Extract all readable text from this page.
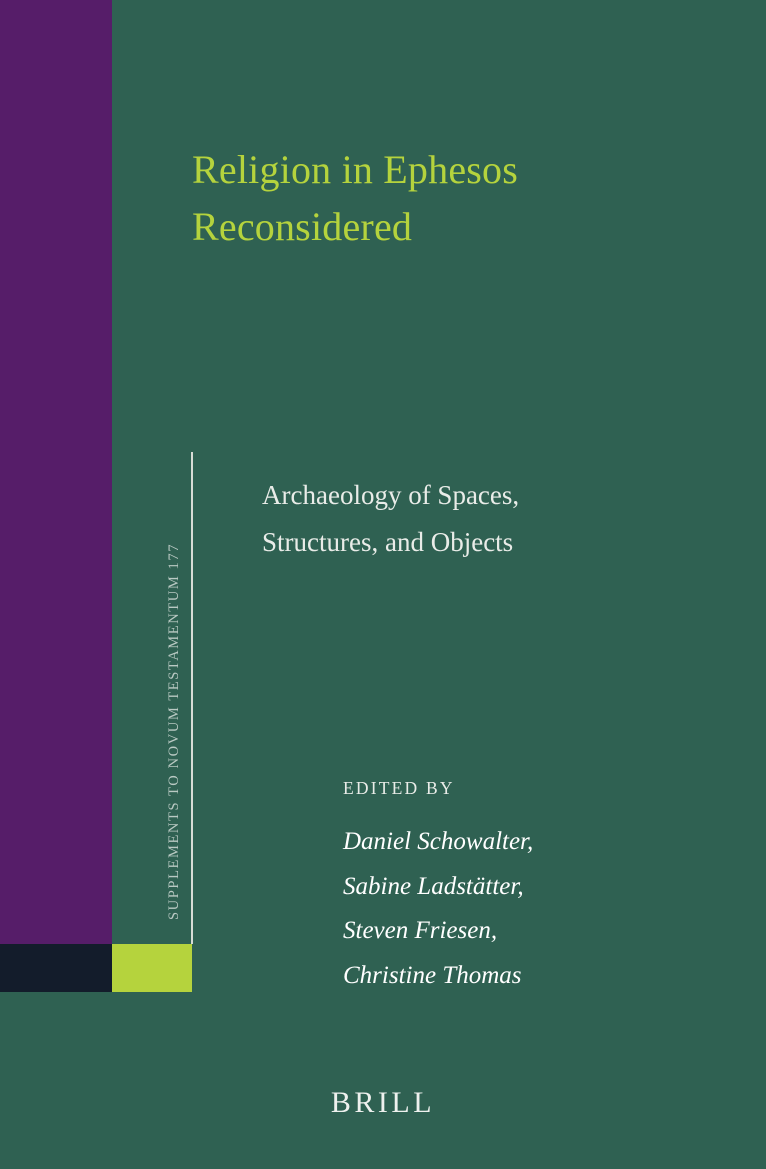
SUPPLEMENTS TO NOVUM TESTAMENTUM 177
Religion in Ephesos
Reconsidered
Archaeology of Spaces,
Structures, and Objects
EDITED BY
Daniel Schowalter,
Sabine Ladstätter,
Steven Friesen,
Christine Thomas
BRILL
